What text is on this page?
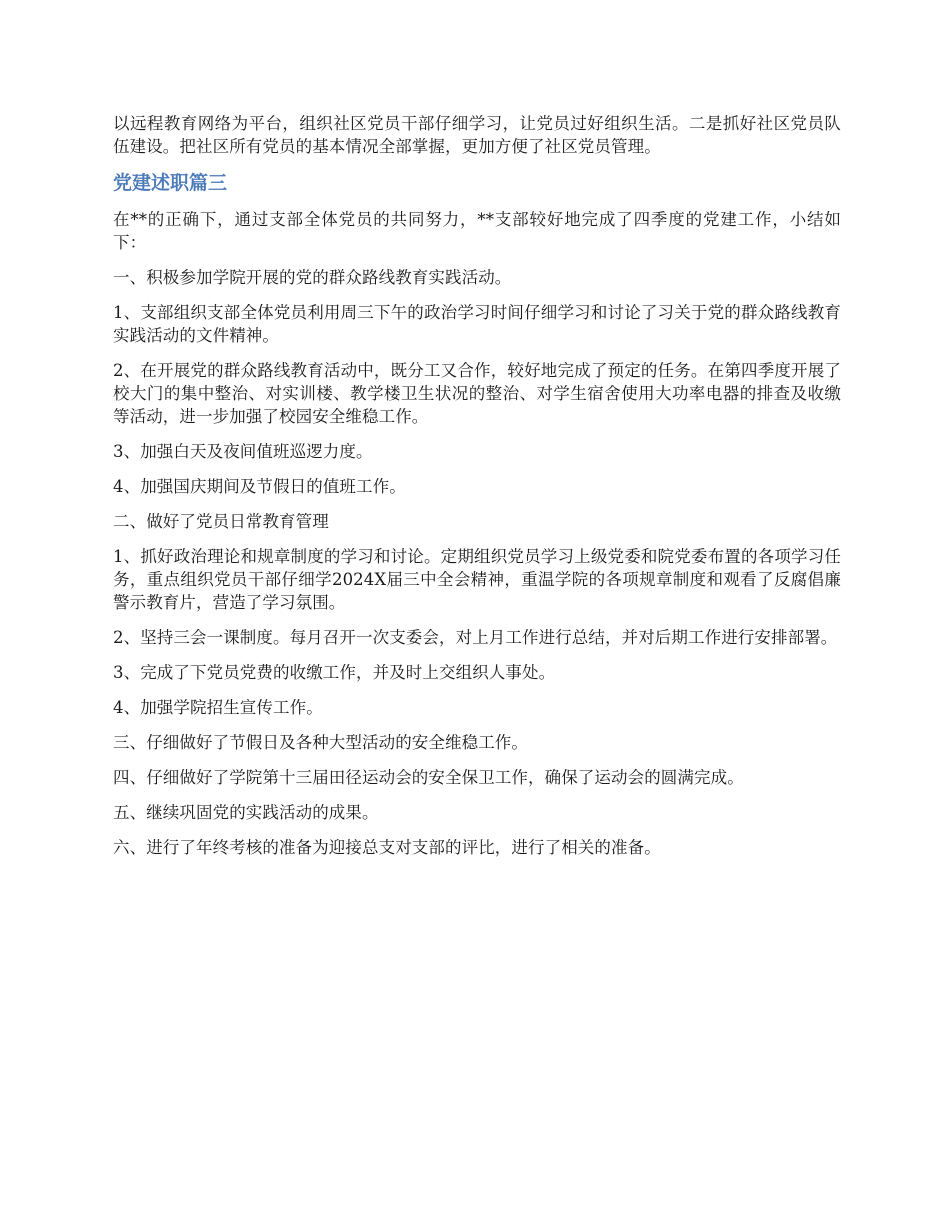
以远程教育网络为平台，组织社区党员干部仔细学习，让党员过好组织生活。二是抓好社区党员队伍建设。把社区所有党员的基本情况全部掌握，更加方便了社区党员管理。

党建述职篇三

在**的正确下，通过支部全体党员的共同努力，**支部较好地完成了四季度的党建工作，小结如下：

一、积极参加学院开展的党的群众路线教育实践活动。

1、支部组织支部全体党员利用周三下午的政治学习时间仔细学习和讨论了习关于党的群众路线教育实践活动的文件精神。

2、在开展党的群众路线教育活动中，既分工又合作，较好地完成了预定的任务。在第四季度开展了校大门的集中整治、对实训楼、教学楼卫生状况的整治、对学生宿舍使用大功率电器的排查及收缴等活动，进一步加强了校园安全维稳工作。

3、加强白天及夜间值班巡逻力度。

4、加强国庆期间及节假日的值班工作。

二、做好了党员日常教育管理

1、抓好政治理论和规章制度的学习和讨论。定期组织党员学习上级党委和院党委布置的各项学习任务，重点组织党员干部仔细学2024X届三中全会精神，重温学院的各项规章制度和观看了反腐倡廉警示教育片，营造了学习氛围。

2、坚持三会一课制度。每月召开一次支委会，对上月工作进行总结，并对后期工作进行安排部署。

3、完成了下党员党费的收缴工作，并及时上交组织人事处。

4、加强学院招生宣传工作。

三、仔细做好了节假日及各种大型活动的安全维稳工作。

四、仔细做好了学院第十三届田径运动会的安全保卫工作，确保了运动会的圆满完成。

五、继续巩固党的实践活动的成果。

六、进行了年终考核的准备为迎接总支对支部的评比，进行了相关的准备。
